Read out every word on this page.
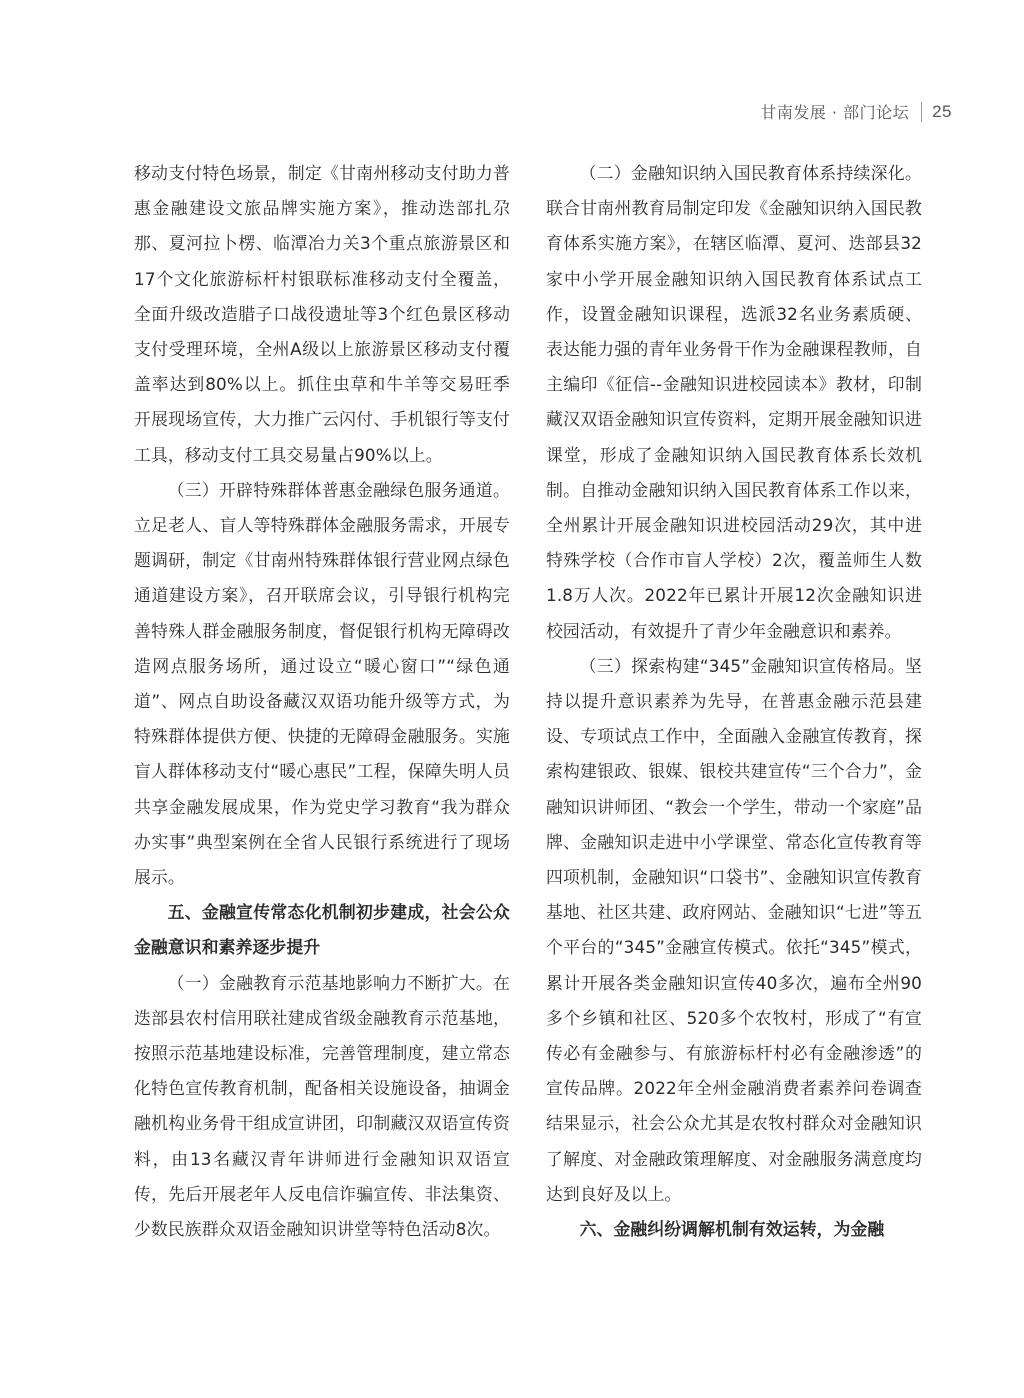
甘南发展 · 部门论坛 25

移动支付特色场景，制定《甘南州移动支付助力普惠金融建设文旅品牌实施方案》，推动迭部扎尕那、夏河拉卜楞、临潭冶力关3个重点旅游景区和17个文化旅游标杆村银联标准移动支付全覆盖，全面升级改造腊子口战役遗址等3个红色景区移动支付受理环境，全州A级以上旅游景区移动支付覆盖率达到80%以上。抓住虫草和牛羊等交易旺季开展现场宣传，大力推广云闪付、手机银行等支付工具，移动支付工具交易量占90%以上。

（三）开辟特殊群体普惠金融绿色服务通道。立足老人、盲人等特殊群体金融服务需求，开展专题调研，制定《甘南州特殊群体银行营业网点绿色通道建设方案》，召开联席会议，引导银行机构完善特殊人群金融服务制度，督促银行机构无障碍改造网点服务场所，通过设立“暖心窗口”“绿色通道”、网点自助设备藏汉双语功能升级等方式，为特殊群体提供方便、快捷的无障碍金融服务。实施盲人群体移动支付“暖心惠民”工程，保障失明人员共享金融发展成果，作为党史学习教育“我为群众办实事”典型案例在全省人民银行系统进行了现场展示。

五、金融宣传常态化机制初步建成，社会公众金融意识和素养逐步提升

（一）金融教育示范基地影响力不断扩大。在迭部县农村信用联社建成省级金融教育示范基地，按照示范基地建设标准，完善管理制度，建立常态化特色宣传教育机制，配备相关设施设备，抽调金融机构业务骨干组成宣讲团，印制藏汉双语宣传资料，由13名藏汉青年讲师进行金融知识双语宣传，先后开展老年人反电信诈骗宣传、非法集资、少数民族群众双语金融知识讲堂等特色活动8次。

（二）金融知识纳入国民教育体系持续深化。联合甘南州教育局制定印发《金融知识纳入国民教育体系实施方案》，在辖区临潭、夏河、迭部县32家中小学开展金融知识纳入国民教育体系试点工作，设置金融知识课程，选派32名业务素质硬、表达能力强的青年业务骨干作为金融课程教师，自主编印《征信--金融知识进校园读本》教材，印制藏汉双语金融知识宣传资料，定期开展金融知识进课堂，形成了金融知识纳入国民教育体系长效机制。自推动金融知识纳入国民教育体系工作以来，全州累计开展金融知识进校园活动29次，其中进特殊学校（合作市盲人学校）2次，覆盖师生人数1.8万人次。2022年已累计开展12次金融知识进校园活动，有效提升了青少年金融意识和素养。

（三）探索构建“345”金融知识宣传格局。坚持以提升意识素养为先导，在普惠金融示范县建设、专项试点工作中，全面融入金融宣传教育，探索构建银政、银媒、银校共建宣传“三个合力”，金融知识讲师团、“教会一个学生，带动一个家庭”品牌、金融知识走进中小学课堂、常态化宣传教育等四项机制，金融知识“口袋书”、金融知识宣传教育基地、社区共建、政府网站、金融知识“七进”等五个平台的“345”金融宣传模式。依托“345”模式，累计开展各类金融知识宣传40多次，遍布全州90多个乡镇和社区、520多个农牧村，形成了“有宣传必有金融参与、有旅游标杆村必有金融渗透”的宣传品牌。2022年全州金融消费者素养问卷调查结果显示，社会公众尤其是农牧村群众对金融知识了解度、对金融政策理解度、对金融服务满意度均达到良好及以上。

六、金融纠纷调解机制有效运转，为金融
